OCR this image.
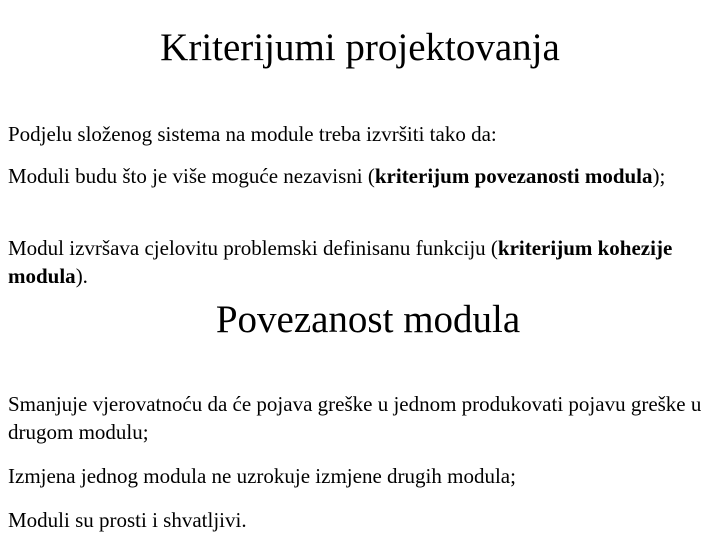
Kriterijumi projektovanja

Podjelu složenog sistema na module treba izvršiti tako da:

Moduli budu što je više moguće nezavisni (kriterijum povezanosti modula);

Modul izvršava cjelovitu problemski definisanu funkciju (kriterijum kohezije modula).

Povezanost modula

Smanjuje vjerovatnoću da će pojava greške u jednom produkovati pojavu greške u drugom modulu;

Izmjena jednog modula ne uzrokuje izmjene drugih modula;

Moduli su prosti i shvatljivi.
